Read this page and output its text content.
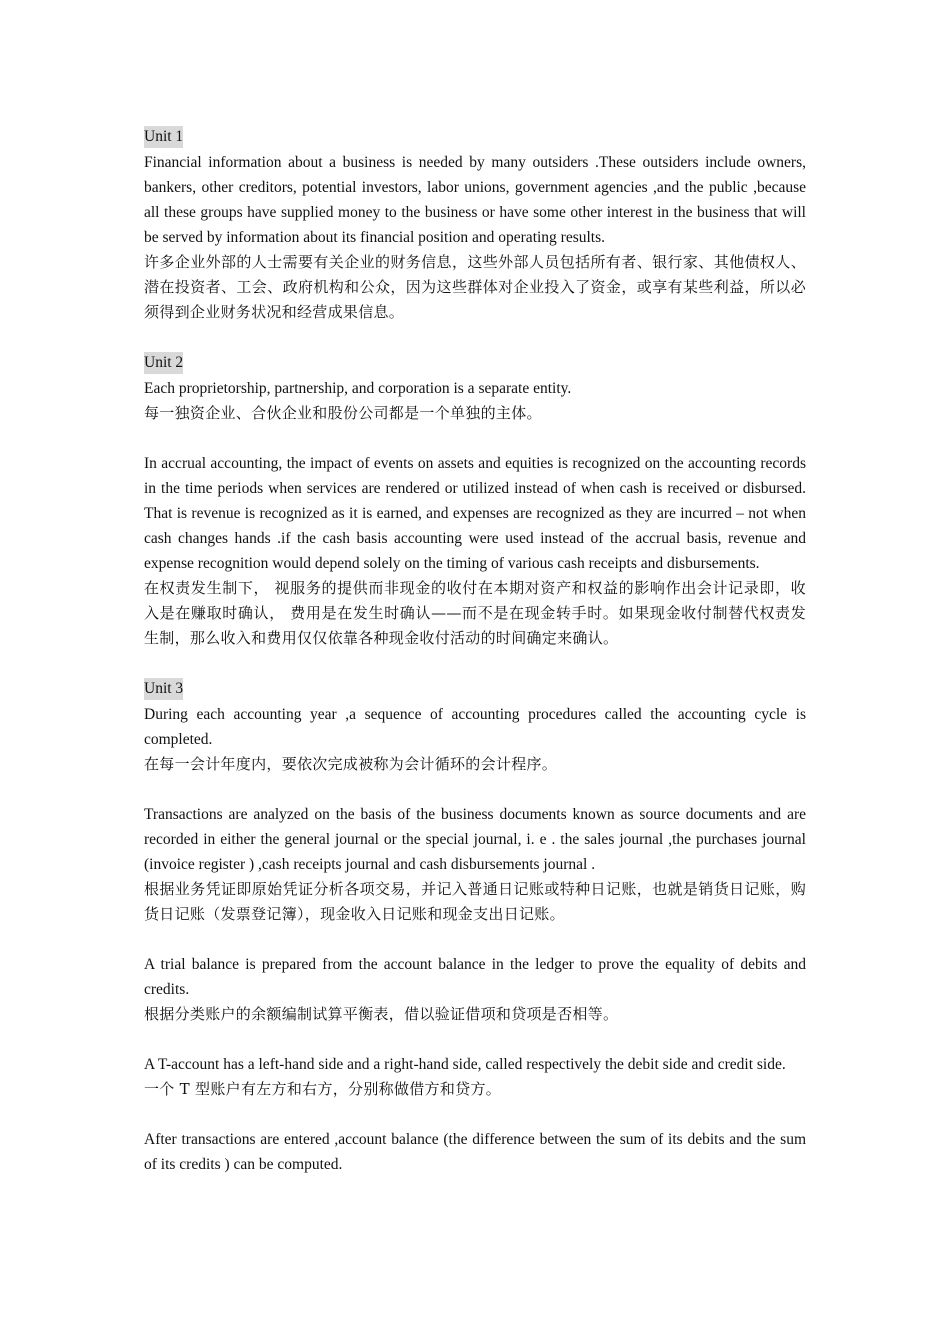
Unit 1

Financial information about a business is needed by many outsiders .These outsiders include owners, bankers, other creditors, potential investors, labor unions, government agencies ,and the public ,because all these groups have supplied money to the business or have some other interest in the business that will be served by information about its financial position and operating results.

许多企业外部的人士需要有关企业的财务信息，这些外部人员包括所有者、银行家、其他债权人、潜在投资者、工会、政府机构和公众，因为这些群体对企业投入了资金，或享有某些利益，所以必须得到企业财务状况和经营成果信息。

Unit 2

Each proprietorship, partnership, and corporation is a separate entity.

每一独资企业、合伙企业和股份公司都是一个单独的主体。

In accrual accounting, the impact of events on assets and equities is recognized on the accounting records in the time periods when services are rendered or utilized instead of when cash is received or disbursed. That is revenue is recognized as it is earned, and expenses are recognized as they are incurred – not when cash changes hands .if the cash basis accounting were used instead of the accrual basis, revenue and expense recognition would depend solely on the timing of various cash receipts and disbursements.

在权责发生制下， 视服务的提供而非现金的收付在本期对资产和权益的影响作出会计记录即，收入是在赚取时确认， 费用是在发生时确认——而不是在现金转手时。如果现金收付制替代权责发生制，那么收入和费用仅仅依靠各种现金收付活动的时间确定来确认。

Unit 3

During each accounting year ,a sequence of accounting procedures called the accounting cycle is completed.

在每一会计年度内，要依次完成被称为会计循环的会计程序。

Transactions are analyzed on the basis of the business documents known as source documents and are recorded in either the general journal or the special journal, i. e . the sales journal ,the purchases journal (invoice register ) ,cash receipts journal and cash disbursements journal .

根据业务凭证即原始凭证分析各项交易，并记入普通日记账或特种日记账，也就是销货日记账，购货日记账（发票登记簿），现金收入日记账和现金支出日记账。

A trial balance is prepared from the account balance in the ledger to prove the equality of debits and credits.

根据分类账户的余额编制试算平衡表，借以验证借项和贷项是否相等。

A T-account has a left-hand side and a right-hand side, called respectively the debit side and credit side.

一个 T 型账户有左方和右方，分别称做借方和贷方。

After transactions are entered ,account balance (the difference between the sum of its debits and the sum of its credits ) can be computed.
